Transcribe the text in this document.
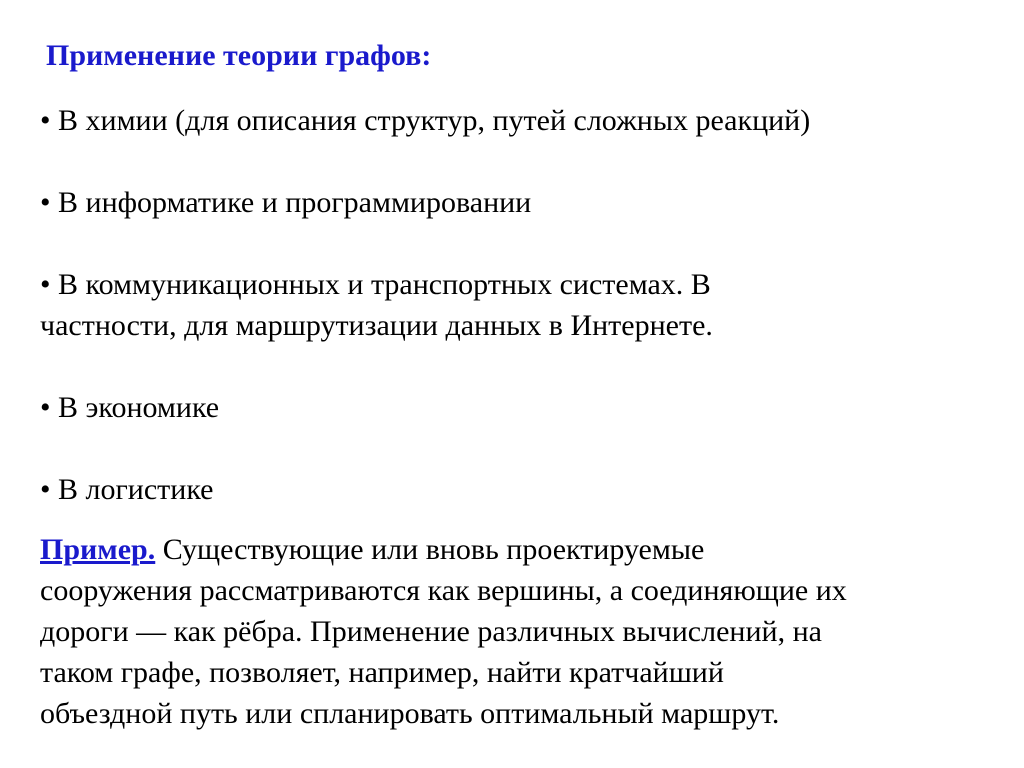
Применение теории графов:
• В химии (для описания структур, путей сложных реакций)
• В информатике и программировании
• В коммуникационных и транспортных системах. В
частности, для маршрутизации данных в Интернете.
• В экономике
• В логистике
Пример. Существующие или вновь проектируемые
сооружения рассматриваются как вершины, а соединяющие их
дороги — как рёбра. Применение различных вычислений, на
таком графе, позволяет, например, найти кратчайший
объездной путь или спланировать оптимальный маршрут.
